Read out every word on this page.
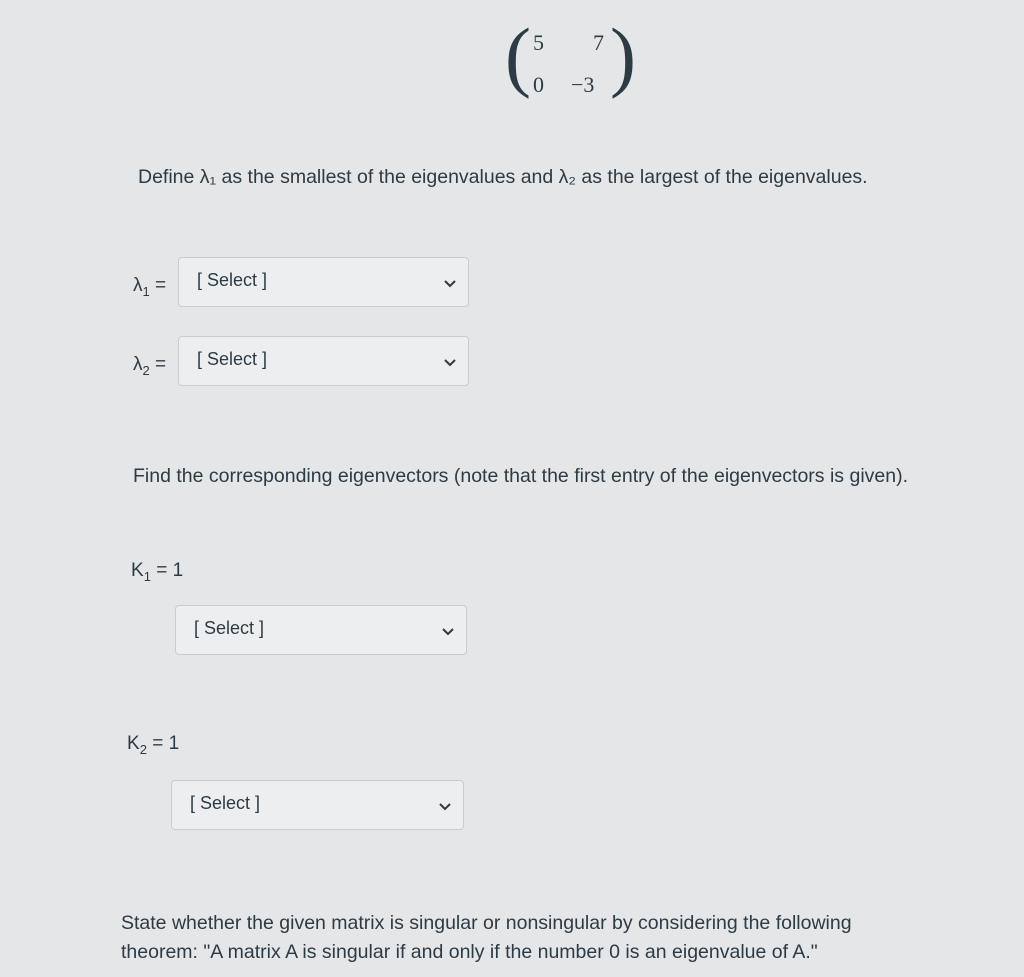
( 5 7
0 −3 )
Define λ₁ as the smallest of the eigenvalues and λ₂ as the largest of the eigenvalues.
$\lambda_1$ = [ Select ]
$\lambda_2$ = [ Select ]
Find the corresponding eigenvectors (note that the first entry of the eigenvectors is given).
$K_1 = 1$
[ Select ]
$K_2 = 1$
[ Select ]
State whether the given matrix is singular or nonsingular by considering the following
theorem: "A matrix A is singular if and only if the number 0 is an eigenvalue of A."
